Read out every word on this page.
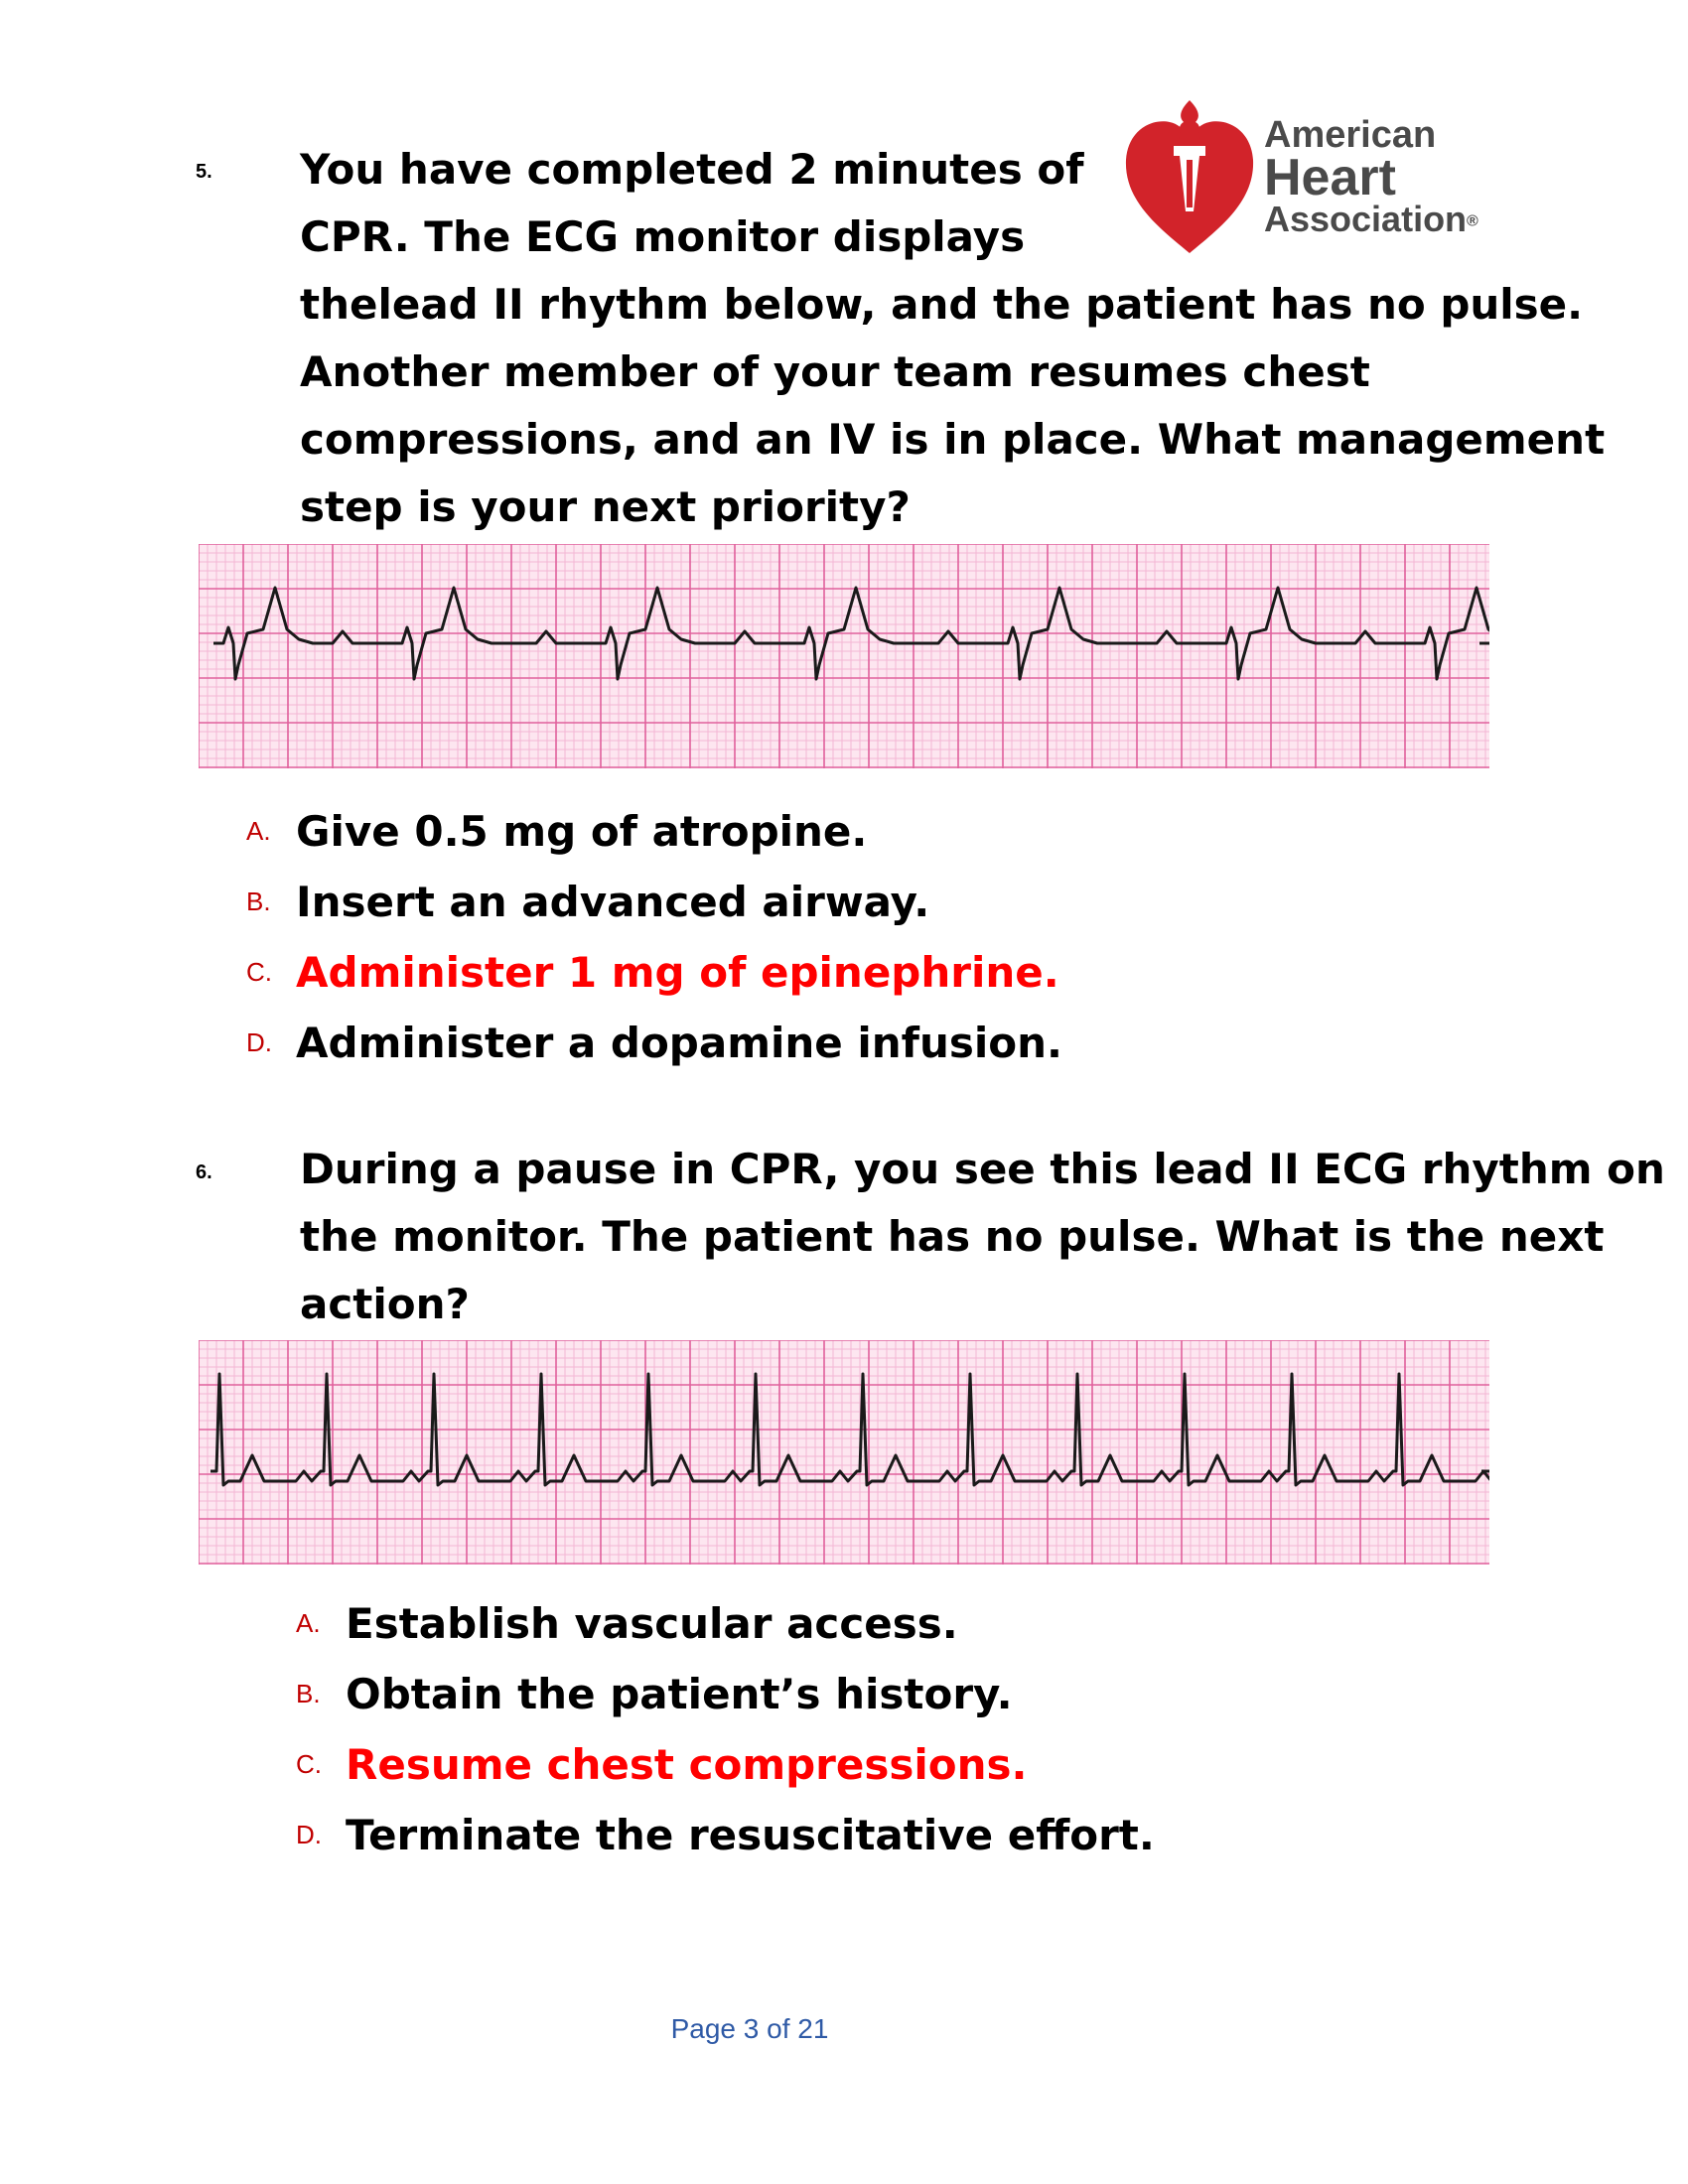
American
Heart
Association®
5. You have completed 2 minutes of
CPR. The ECG monitor displays
thelead II rhythm below, and the patient has no pulse.
Another member of your team resumes chest
compressions, and an IV is in place. What management
step is your next priority?

A. Give 0.5 mg of atropine.
B. Insert an advanced airway.
C. Administer 1 mg of epinephrine.
D. Administer a dopamine infusion.
6. During a pause in CPR, you see this lead II ECG rhythm on
the monitor. The patient has no pulse. What is the next
action?

A. Establish vascular access.
B. Obtain the patient’s history.
C. Resume chest compressions.
D. Terminate the resuscitative effort.
Page 3 of 21
